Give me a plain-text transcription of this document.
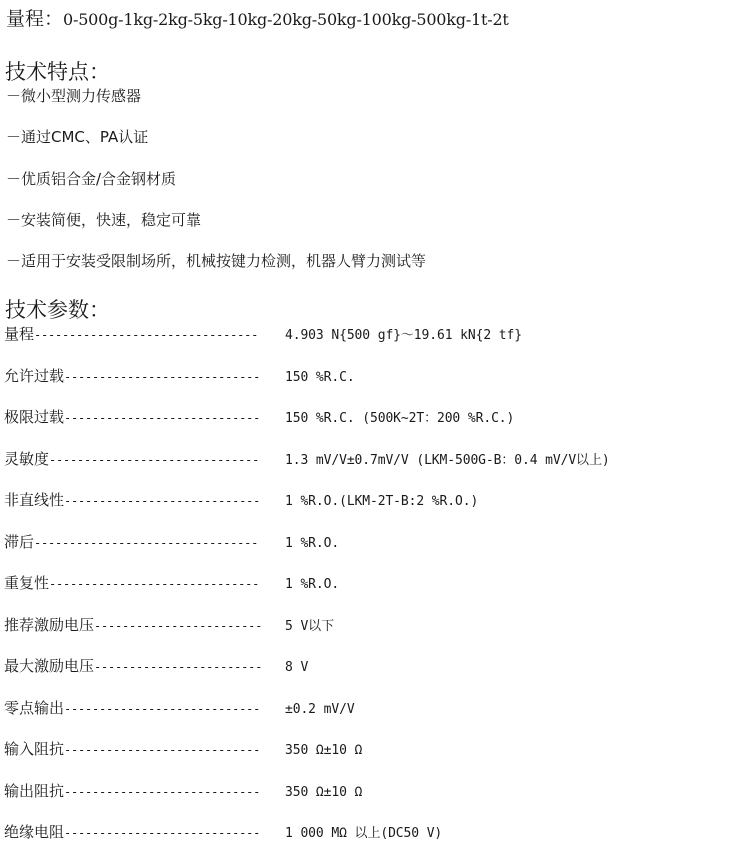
量程：0-500g-1kg-2kg-5kg-10kg-20kg-50kg-100kg-500kg-1t-2t
技术特点：
－微小型测力传感器
－通过CMC、PA认证
－优质铝合金/合金钢材质
－安装简便，快速，稳定可靠
－适用于安装受限制场所，机械按键力检测，机器人臂力测试等
技术参数：
量程 --------------------------------	4.903 N{500 gf}～19.61 kN{2 tf}
允许过载 ----------------------------	150 %R.C.
极限过载 ----------------------------	150 %R.C. (500K~2T：200 %R.C.)
灵敏度 ------------------------------	1.3 mV/V±0.7mV/V (LKM-500G-B：0.4 mV/V以上)
非直线性 ----------------------------	1 %R.O.(LKM-2T-B:2 %R.O.)
滞后 --------------------------------	1 %R.O.
重复性 ------------------------------	1 %R.O.
推荐激励电压 ------------------------	5 V以下
最大激励电压 ------------------------	8 V
零点输出 ----------------------------	±0.2 mV/V
输入阻抗 ----------------------------	350 Ω±10 Ω
输出阻抗 ----------------------------	350 Ω±10 Ω
绝缘电阻 ----------------------------	1 000 MΩ 以上(DC50 V)
